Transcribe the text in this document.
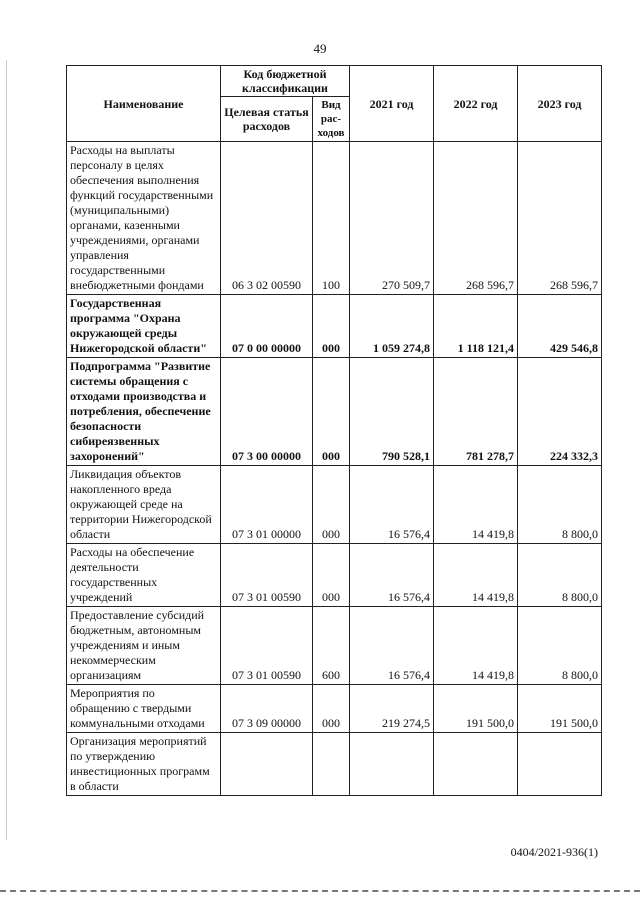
49
Наименование	Код бюджетной классификации		2021 год	2022 год	2023 год
	Целевая статья расходов	Вид рас-ходов			
Расходы на выплаты персоналу в целях обеспечения выполнения функций государственными (муниципальными) органами, казенными учреждениями, органами управления государственными внебюджетными фондами	06 3 02 00590	100	270 509,7	268 596,7	268 596,7
Государственная программа "Охрана окружающей среды Нижегородской области"	07 0 00 00000	000	1 059 274,8	1 118 121,4	429 546,8
Подпрограмма "Развитие системы обращения с отходами производства и потребления, обеспечение безопасности сибиреязвенных захоронений"	07 3 00 00000	000	790 528,1	781 278,7	224 332,3
Ликвидация объектов накопленного вреда окружающей среде на территории Нижегородской области	07 3 01 00000	000	16 576,4	14 419,8	8 800,0
Расходы на обеспечение деятельности государственных учреждений	07 3 01 00590	000	16 576,4	14 419,8	8 800,0
Предоставление субсидий бюджетным, автономным учреждениям и иным некоммерческим организациям	07 3 01 00590	600	16 576,4	14 419,8	8 800,0
Мероприятия по обращению с твердыми коммунальными отходами	07 3 09 00000	000	219 274,5	191 500,0	191 500,0
Организация мероприятий по утверждению инвестиционных программ в области					
0404/2021-936(1)
